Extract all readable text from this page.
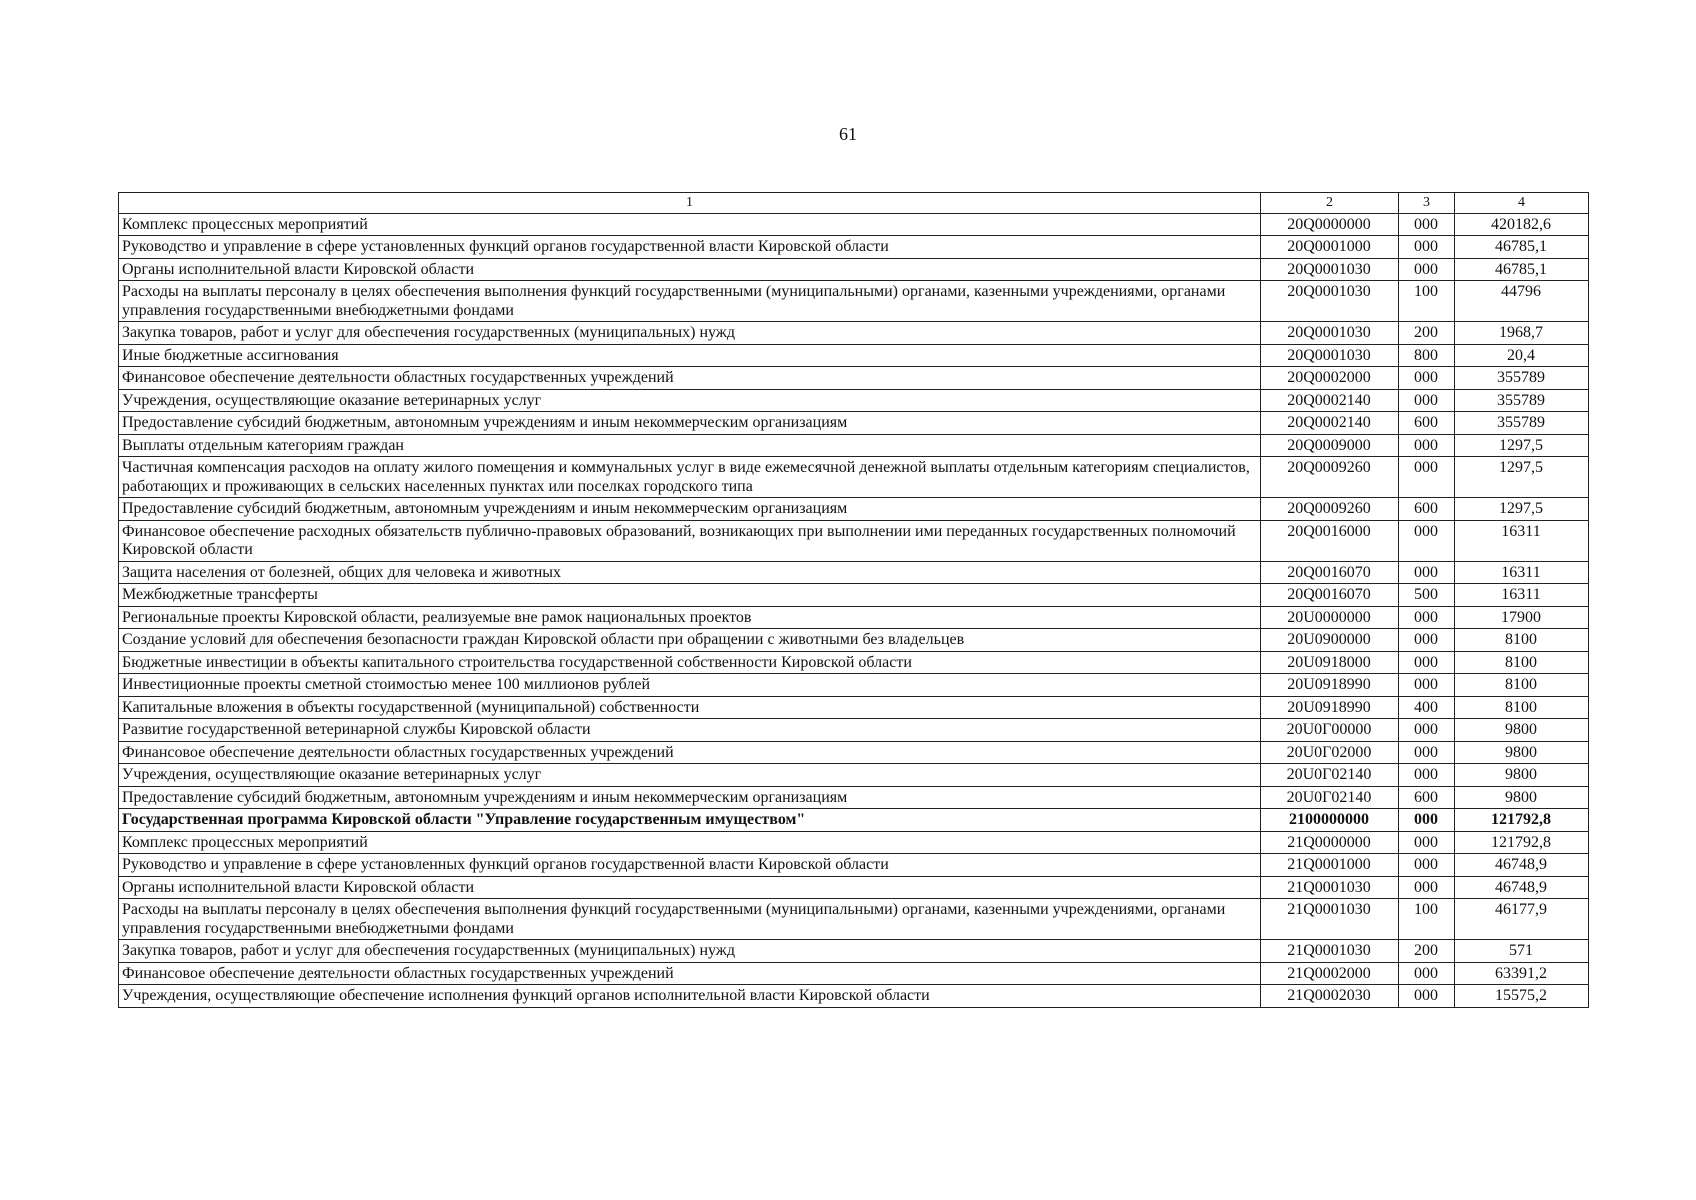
61
1	2	3	4
Комплекс процессных мероприятий	20Q0000000	000	420182,6
Руководство и управление в сфере установленных функций органов государственной власти Кировской области	20Q0001000	000	46785,1
Органы исполнительной власти Кировской области	20Q0001030	000	46785,1
Расходы на выплаты персоналу в целях обеспечения выполнения функций государственными (муниципальными) органами, казенными учреждениями, органами управления государственными внебюджетными фондами	20Q0001030	100	44796
Закупка товаров, работ и услуг для обеспечения государственных (муниципальных) нужд	20Q0001030	200	1968,7
Иные бюджетные ассигнования	20Q0001030	800	20,4
Финансовое обеспечение деятельности областных государственных учреждений	20Q0002000	000	355789
Учреждения, осуществляющие оказание ветеринарных услуг	20Q0002140	000	355789
Предоставление субсидий бюджетным, автономным учреждениям и иным некоммерческим организациям	20Q0002140	600	355789
Выплаты отдельным категориям граждан	20Q0009000	000	1297,5
Частичная компенсация расходов на оплату жилого помещения и коммунальных услуг в виде ежемесячной денежной выплаты отдельным категориям специалистов, работающих и проживающих в сельских населенных пунктах или поселках городского типа	20Q0009260	000	1297,5
Предоставление субсидий бюджетным, автономным учреждениям и иным некоммерческим организациям	20Q0009260	600	1297,5
Финансовое обеспечение расходных обязательств публично-правовых образований, возникающих при выполнении ими переданных государственных полномочий Кировской области	20Q0016000	000	16311
Защита населения от болезней, общих для человека и животных	20Q0016070	000	16311
Межбюджетные трансферты	20Q0016070	500	16311
Региональные проекты Кировской области, реализуемые вне рамок национальных проектов	20U0000000	000	17900
Создание условий для обеспечения безопасности граждан Кировской области при обращении с животными без владельцев	20U0900000	000	8100
Бюджетные инвестиции в объекты капитального строительства государственной собственности Кировской области	20U0918000	000	8100
Инвестиционные проекты сметной стоимостью менее 100 миллионов рублей	20U0918990	000	8100
Капитальные вложения в объекты государственной (муниципальной) собственности	20U0918990	400	8100
Развитие государственной ветеринарной службы Кировской области	20U0Г00000	000	9800
Финансовое обеспечение деятельности областных государственных учреждений	20U0Г02000	000	9800
Учреждения, осуществляющие оказание ветеринарных услуг	20U0Г02140	000	9800
Предоставление субсидий бюджетным, автономным учреждениям и иным некоммерческим организациям	20U0Г02140	600	9800
Государственная программа Кировской области "Управление государственным имуществом"	2100000000	000	121792,8
Комплекс процессных мероприятий	21Q0000000	000	121792,8
Руководство и управление в сфере установленных функций органов государственной власти Кировской области	21Q0001000	000	46748,9
Органы исполнительной власти Кировской области	21Q0001030	000	46748,9
Расходы на выплаты персоналу в целях обеспечения выполнения функций государственными (муниципальными) органами, казенными учреждениями, органами управления государственными внебюджетными фондами	21Q0001030	100	46177,9
Закупка товаров, работ и услуг для обеспечения государственных (муниципальных) нужд	21Q0001030	200	571
Финансовое обеспечение деятельности областных государственных учреждений	21Q0002000	000	63391,2
Учреждения, осуществляющие обеспечение исполнения функций органов исполнительной власти Кировской области	21Q0002030	000	15575,2
